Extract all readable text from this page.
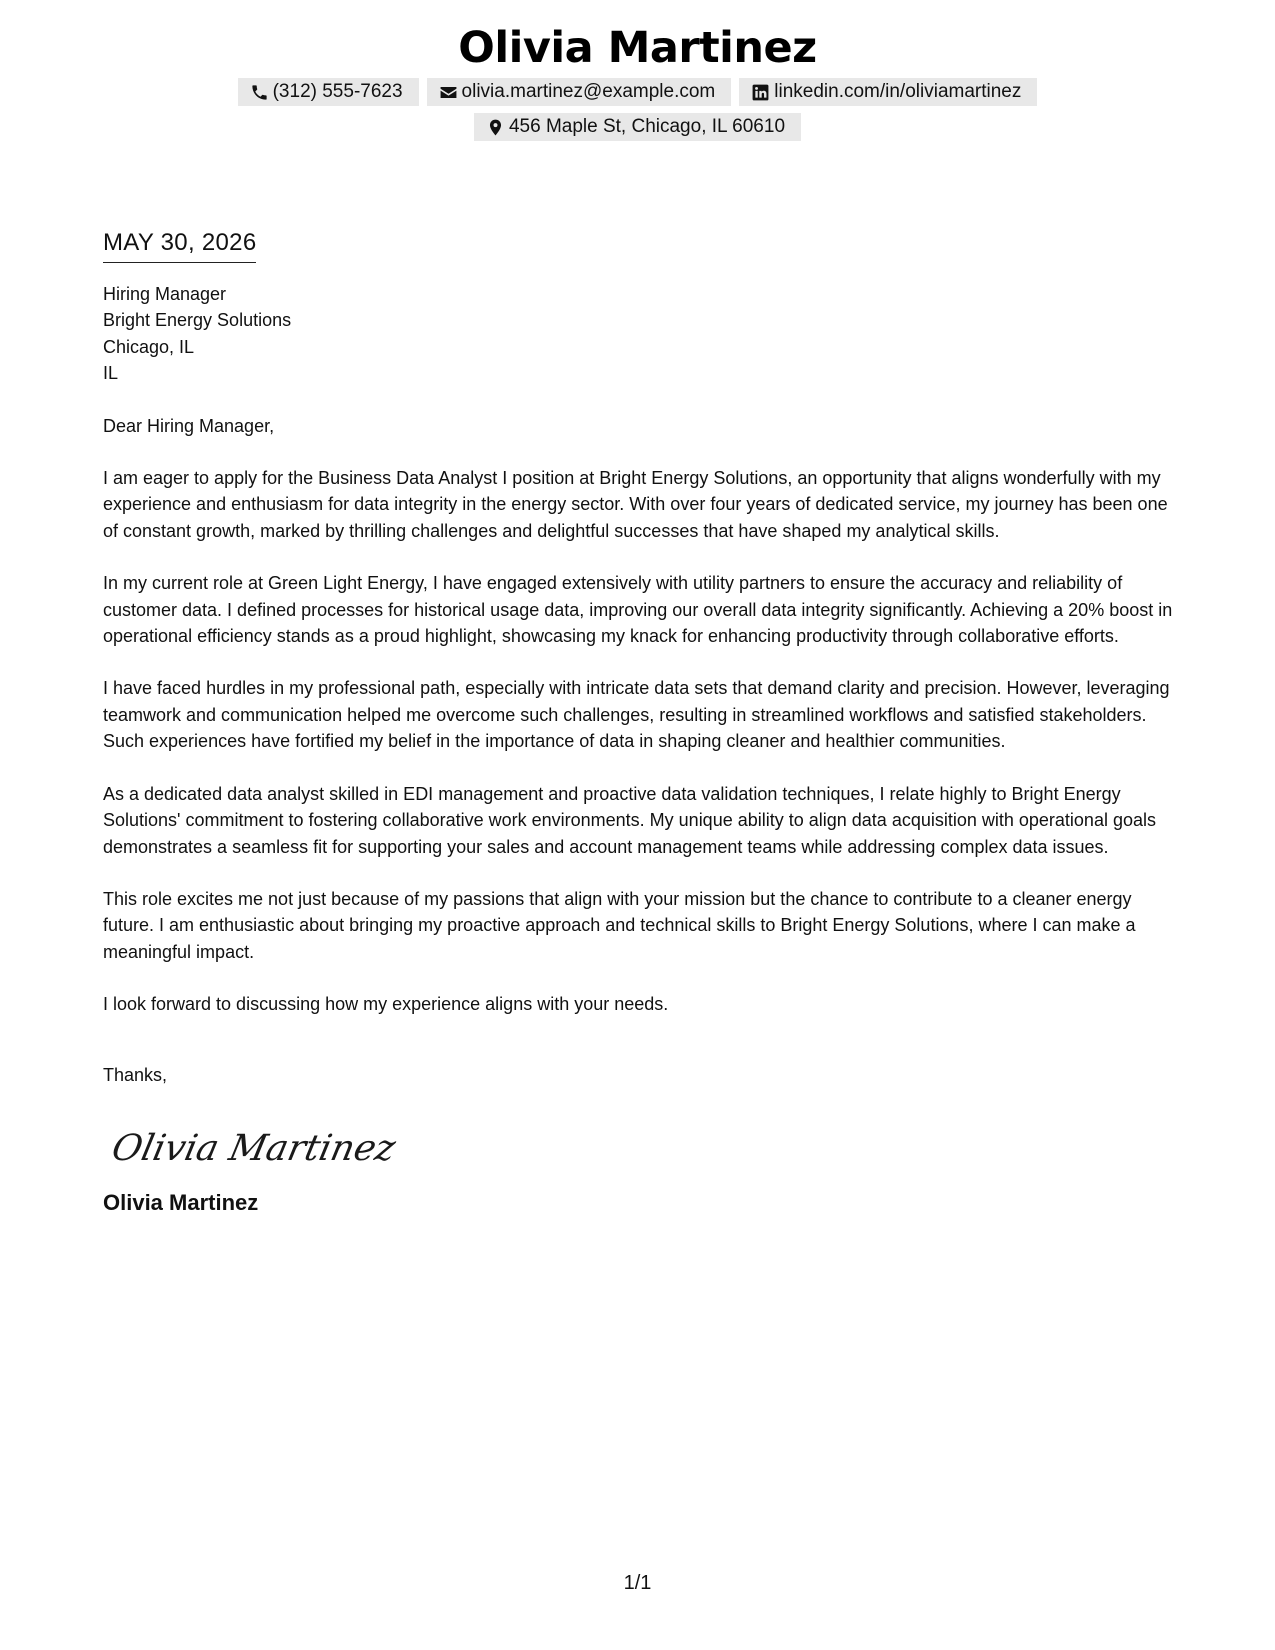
Olivia Martinez
(312) 555-7623	olivia.martinez@example.com	linkedin.com/in/oliviamartinez
456 Maple St, Chicago, IL 60610
MAY 30, 2026
Hiring Manager
Bright Energy Solutions
Chicago, IL
IL
Dear Hiring Manager,

I am eager to apply for the Business Data Analyst I position at Bright Energy Solutions, an opportunity that aligns wonderfully with my experience and enthusiasm for data integrity in the energy sector. With over four years of dedicated service, my journey has been one of constant growth, marked by thrilling challenges and delightful successes that have shaped my analytical skills.

In my current role at Green Light Energy, I have engaged extensively with utility partners to ensure the accuracy and reliability of customer data. I defined processes for historical usage data, improving our overall data integrity significantly. Achieving a 20% boost in operational efficiency stands as a proud highlight, showcasing my knack for enhancing productivity through collaborative efforts.

I have faced hurdles in my professional path, especially with intricate data sets that demand clarity and precision. However, leveraging teamwork and communication helped me overcome such challenges, resulting in streamlined workflows and satisfied stakeholders. Such experiences have fortified my belief in the importance of data in shaping cleaner and healthier communities.

As a dedicated data analyst skilled in EDI management and proactive data validation techniques, I relate highly to Bright Energy Solutions' commitment to fostering collaborative work environments. My unique ability to align data acquisition with operational goals demonstrates a seamless fit for supporting your sales and account management teams while addressing complex data issues.

This role excites me not just because of my passions that align with your mission but the chance to contribute to a cleaner energy future. I am enthusiastic about bringing my proactive approach and technical skills to Bright Energy Solutions, where I can make a meaningful impact.

I look forward to discussing how my experience aligns with your needs.

Thanks,
Olivia Martinez
Olivia Martinez
1/1
